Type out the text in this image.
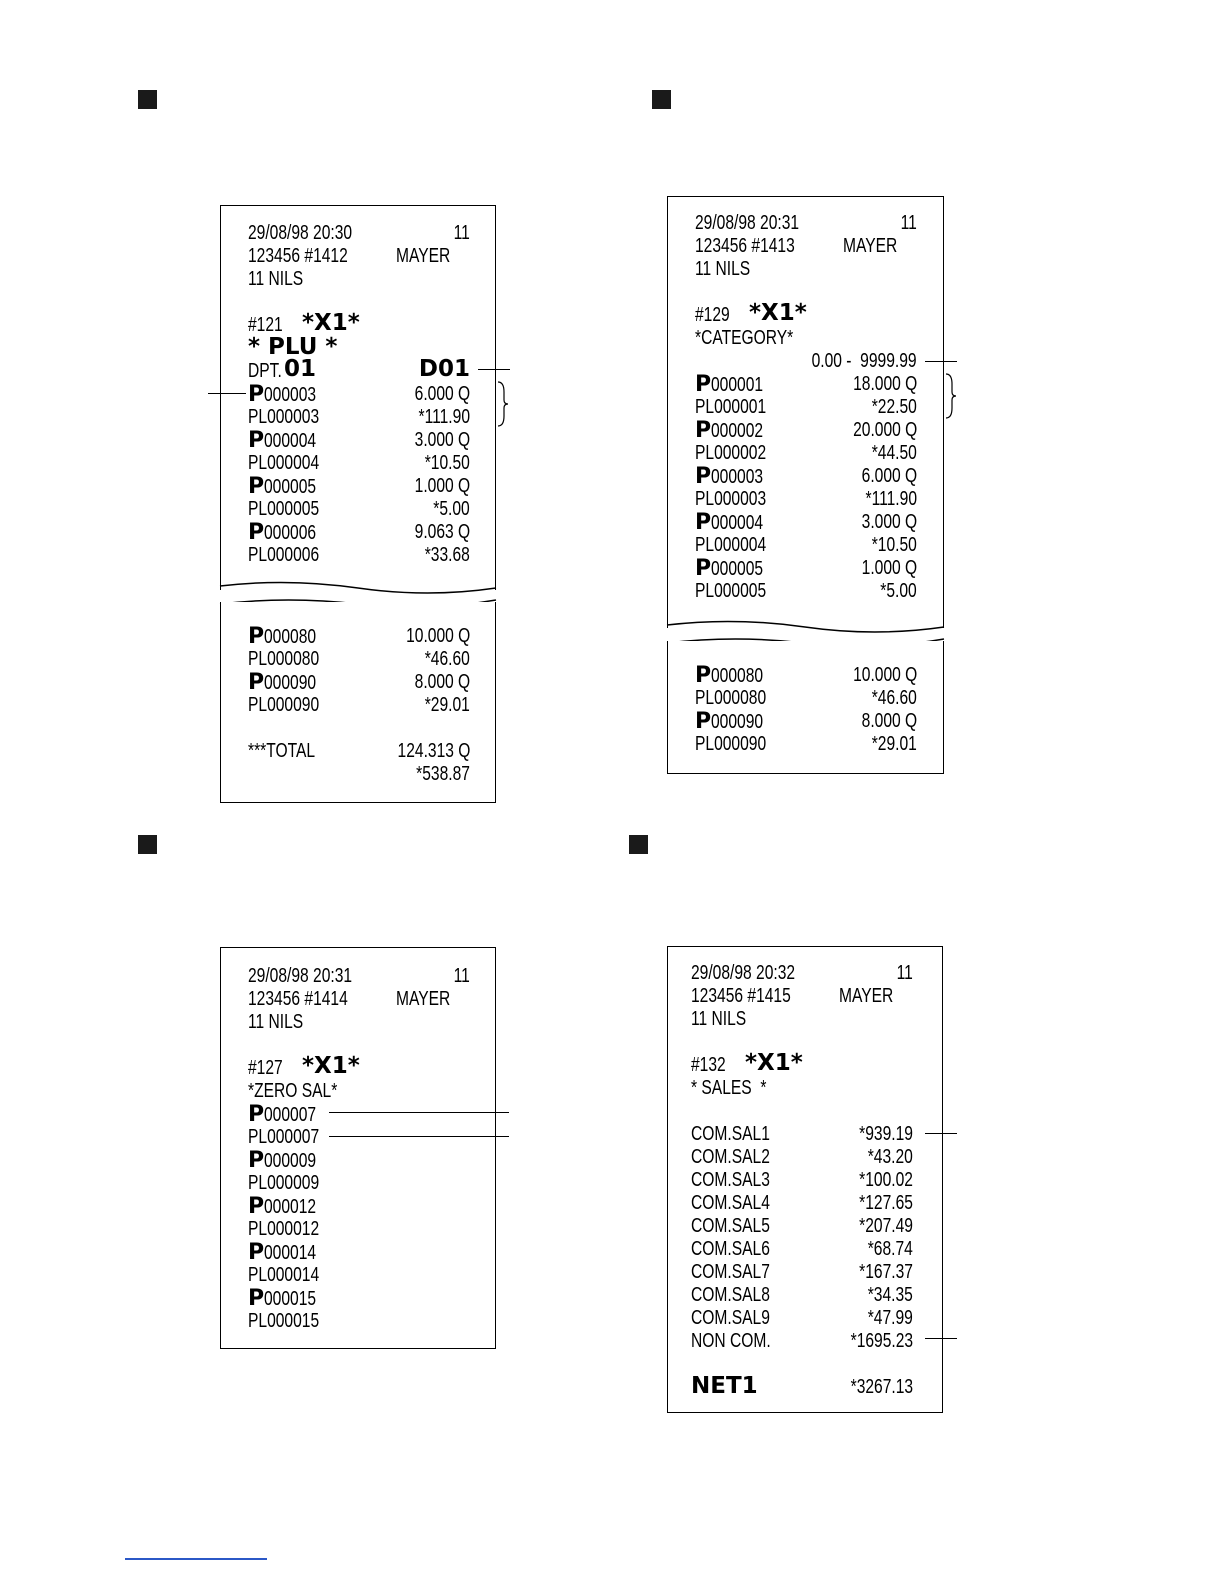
29/08/98 20:30	11
123456 #1412	MAYER
11 NILS
#121 *X1*
* PLU *
DPT. 01	D01
P000003	6.000 Q
PL000003	*111.90
P000004	3.000 Q
PL000004	*10.50
P000005	1.000 Q
PL000005	*5.00
P000006	9.063 Q
PL000006	*33.68
P000080	10.000 Q
PL000080	*46.60
P000090	8.000 Q
PL000090	*29.01
***TOTAL	124.313 Q
*538.87
29/08/98 20:31	11
123456 #1413	MAYER
11 NILS
#129 *X1*
*CATEGORY*
0.00 -  9999.99
P000001	18.000 Q
PL000001	*22.50
P000002	20.000 Q
PL000002	*44.50
P000003	6.000 Q
PL000003	*111.90
P000004	3.000 Q
PL000004	*10.50
P000005	1.000 Q
PL000005	*5.00
P000080	10.000 Q
PL000080	*46.60
P000090	8.000 Q
PL000090	*29.01
29/08/98 20:31	11
123456 #1414	MAYER
11 NILS
#127 *X1*
*ZERO SAL*
P000007
PL000007
P000009
PL000009
P000012
PL000012
P000014
PL000014
P000015
PL000015
29/08/98 20:32	11
123456 #1415	MAYER
11 NILS
#132 *X1*
* SALES  *
COM.SAL1	*939.19
COM.SAL2	*43.20
COM.SAL3	*100.02
COM.SAL4	*127.65
COM.SAL5	*207.49
COM.SAL6	*68.74
COM.SAL7	*167.37
COM.SAL8	*34.35
COM.SAL9	*47.99
NON COM.	*1695.23
NET1	*3267.13
